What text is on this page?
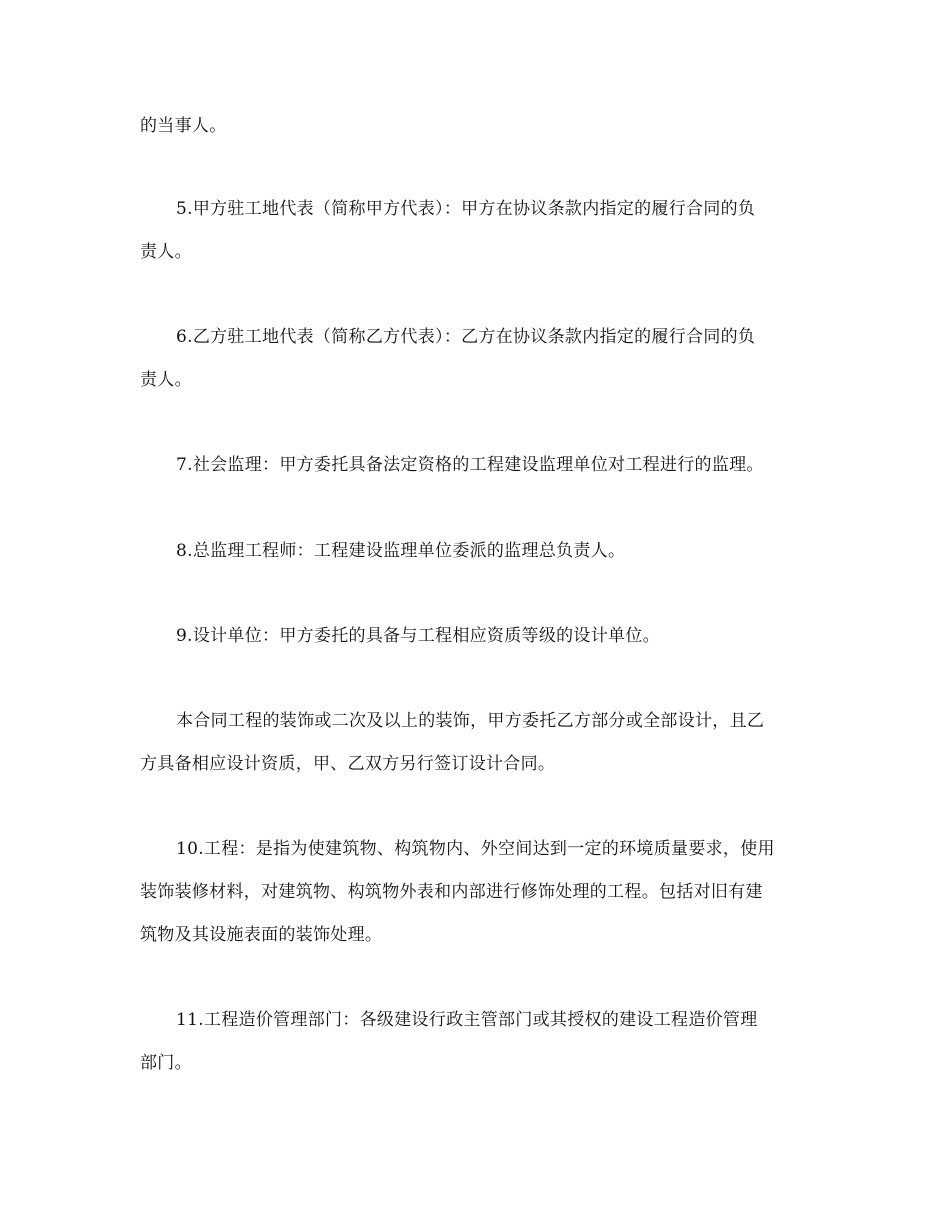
的当事人。
5.甲方驻工地代表（简称甲方代表）：甲方在协议条款内指定的履行合同的负
责人。
6.乙方驻工地代表（简称乙方代表）：乙方在协议条款内指定的履行合同的负
责人。
7.社会监理：甲方委托具备法定资格的工程建设监理单位对工程进行的监理。
8.总监理工程师：工程建设监理单位委派的监理总负责人。
9.设计单位：甲方委托的具备与工程相应资质等级的设计单位。
本合同工程的装饰或二次及以上的装饰，甲方委托乙方部分或全部设计，且乙
方具备相应设计资质，甲、乙双方另行签订设计合同。
10.工程：是指为使建筑物、构筑物内、外空间达到一定的环境质量要求，使用
装饰装修材料，对建筑物、构筑物外表和内部进行修饰处理的工程。包括对旧有建
筑物及其设施表面的装饰处理。
11.工程造价管理部门：各级建设行政主管部门或其授权的建设工程造价管理
部门。
